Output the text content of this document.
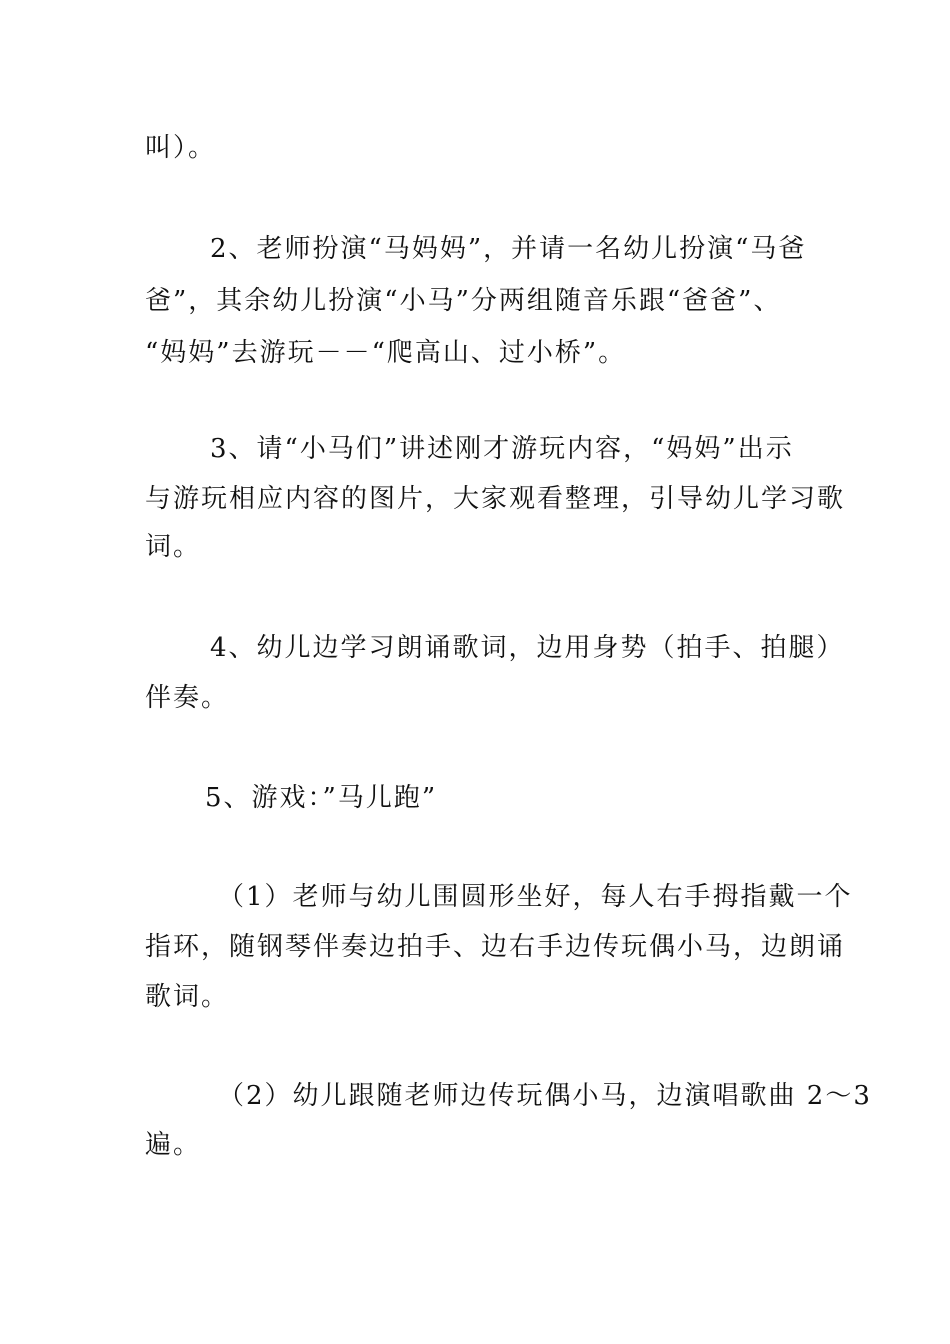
叫）。
2、老师扮演“马妈妈”，并请一名幼儿扮演“马爸
爸”，其余幼儿扮演“小马”分两组随音乐跟“爸爸”、
“妈妈”去游玩－－“爬高山、过小桥”。
3、请“小马们”讲述刚才游玩内容，“妈妈”出示
与游玩相应内容的图片，大家观看整理，引导幼儿学习歌
词。
4、幼儿边学习朗诵歌词，边用身势（拍手、拍腿）
伴奏。
5、游戏：”马儿跑”
（1）老师与幼儿围圆形坐好，每人右手拇指戴一个
指环，随钢琴伴奏边拍手、边右手边传玩偶小马，边朗诵
歌词。
（2）幼儿跟随老师边传玩偶小马，边演唱歌曲 2～3
遍。
